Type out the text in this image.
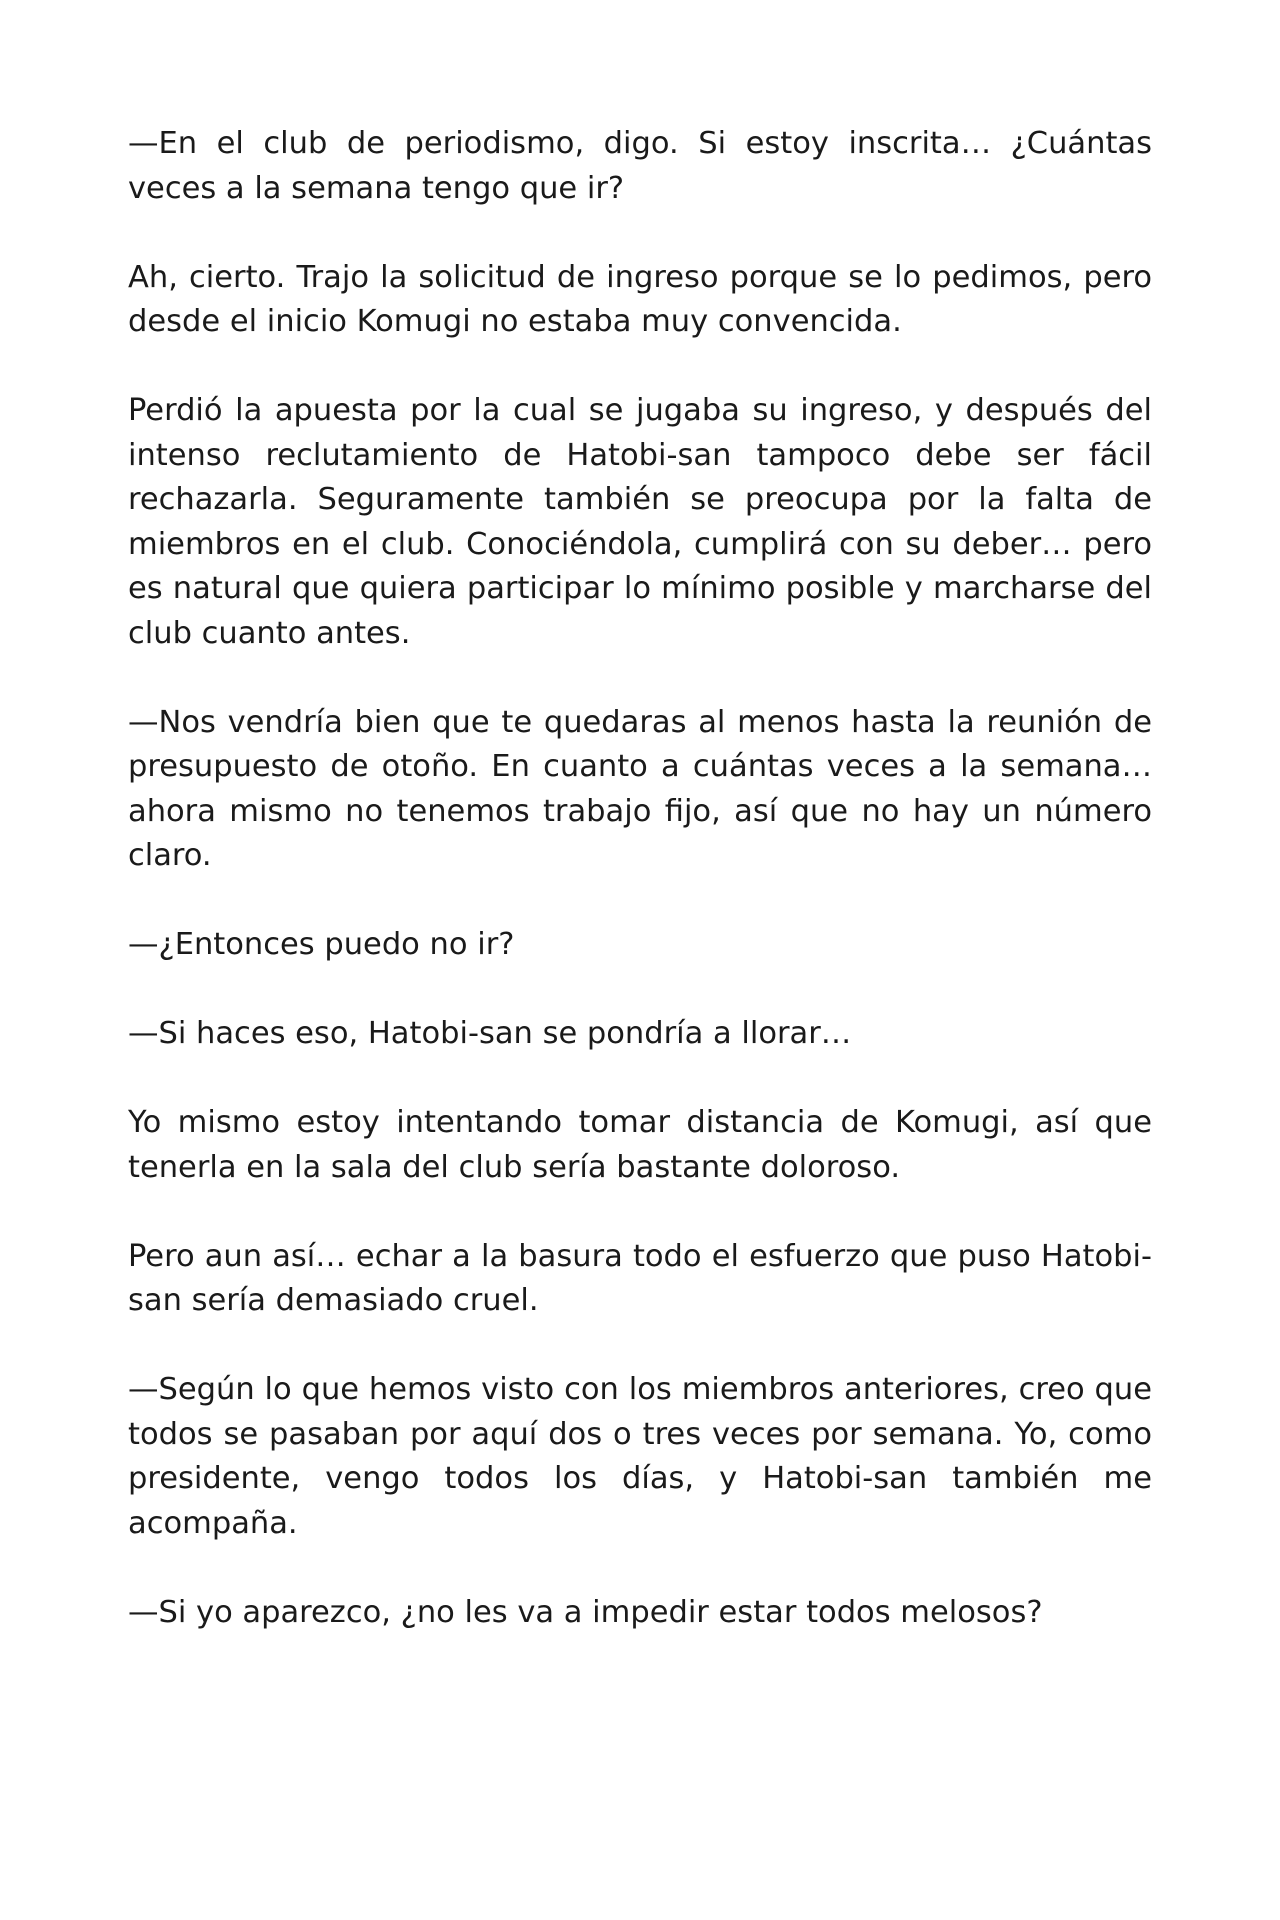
—En el club de periodismo, digo. Si estoy inscrita… ¿Cuántas veces a la semana tengo que ir?

Ah, cierto. Trajo la solicitud de ingreso porque se lo pedimos, pero desde el inicio Komugi no estaba muy convencida.

Perdió la apuesta por la cual se jugaba su ingreso, y después del intenso reclutamiento de Hatobi-san tampoco debe ser fácil rechazarla. Seguramente también se preocupa por la falta de miembros en el club. Conociéndola, cumplirá con su deber… pero es natural que quiera participar lo mínimo posible y marcharse del club cuanto antes.

—Nos vendría bien que te quedaras al menos hasta la reunión de presupuesto de otoño. En cuanto a cuántas veces a la semana… ahora mismo no tenemos trabajo fijo, así que no hay un número claro.

—¿Entonces puedo no ir?

—Si haces eso, Hatobi-san se pondría a llorar…

Yo mismo estoy intentando tomar distancia de Komugi, así que tenerla en la sala del club sería bastante doloroso.

Pero aun así… echar a la basura todo el esfuerzo que puso Hatobi-san sería demasiado cruel.

—Según lo que hemos visto con los miembros anteriores, creo que todos se pasaban por aquí dos o tres veces por semana. Yo, como presidente, vengo todos los días, y Hatobi-san también me acompaña.

—Si yo aparezco, ¿no les va a impedir estar todos melosos?
